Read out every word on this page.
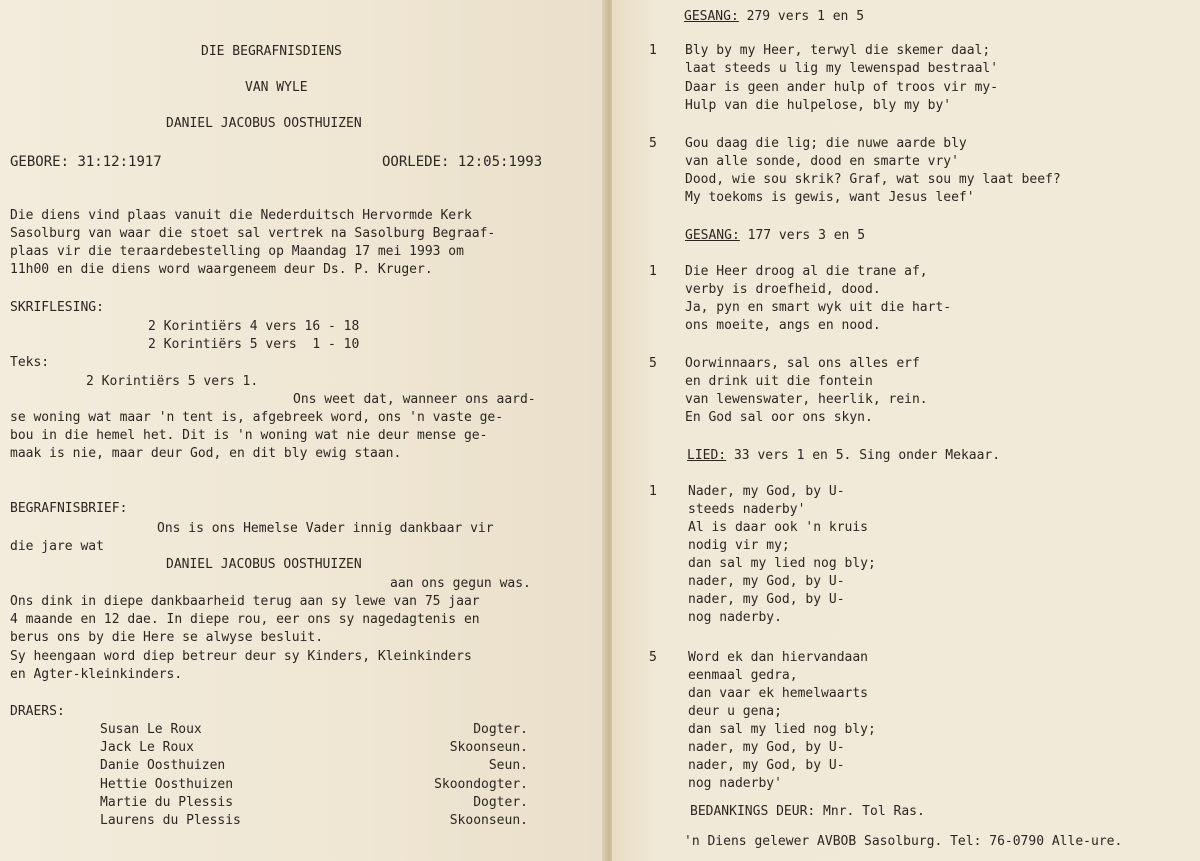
DIE BEGRAFNISDIENS
VAN WYLE
DANIEL JACOBUS OOSTHUIZEN
GEBORE: 31:12:1917	OORLEDE: 12:05:1993
Die diens vind plaas vanuit die Nederduitsch Hervormde Kerk
Sasolburg van waar die stoet sal vertrek na Sasolburg Begraaf-
plaas vir die teraardebestelling op Maandag 17 mei 1993 om
11h00 en die diens word waargeneem deur Ds. P. Kruger.
SKRIFLESING:
2 Korintiërs 4 vers 16 - 18
2 Korintiërs 5 vers  1 - 10
Teks:
2 Korintiërs 5 vers 1.
Ons weet dat, wanneer ons aard-
se woning wat maar 'n tent is, afgebreek word, ons 'n vaste ge-
bou in die hemel het. Dit is 'n woning wat nie deur mense ge-
maak is nie, maar deur God, en dit bly ewig staan.
BEGRAFNISBRIEF:
Ons is ons Hemelse Vader innig dankbaar vir
die jare wat
DANIEL JACOBUS OOSTHUIZEN
aan ons gegun was.
Ons dink in diepe dankbaarheid terug aan sy lewe van 75 jaar
4 maande en 12 dae. In diepe rou, eer ons sy nagedagtenis en
berus ons by die Here se alwyse besluit.
Sy heengaan word diep betreur deur sy Kinders, Kleinkinders
en Agter-kleinkinders.
DRAERS:
Susan Le Roux	Dogter.
Jack Le Roux	Skoonseun.
Danie Oosthuizen	Seun.
Hettie Oosthuizen	Skoondogter.
Martie du Plessis	Dogter.
Laurens du Plessis	Skoonseun.
GESANG: 279 vers 1 en 5
1 Bly by my Heer, terwyl die skemer daal;
laat steeds u lig my lewenspad bestraal'
Daar is geen ander hulp of troos vir my-
Hulp van die hulpelose, bly my by'
5 Gou daag die lig; die nuwe aarde bly
van alle sonde, dood en smarte vry'
Dood, wie sou skrik? Graf, wat sou my laat beef?
My toekoms is gewis, want Jesus leef'
GESANG: 177 vers 3 en 5
1 Die Heer droog al die trane af,
verby is droefheid, dood.
Ja, pyn en smart wyk uit die hart-
ons moeite, angs en nood.
5 Oorwinnaars, sal ons alles erf
en drink uit die fontein
van lewenswater, heerlik, rein.
En God sal oor ons skyn.
LIED: 33 vers 1 en 5. Sing onder Mekaar.
1 Nader, my God, by U-
steeds naderby'
Al is daar ook 'n kruis
nodig vir my;
dan sal my lied nog bly;
nader, my God, by U-
nader, my God, by U-
nog naderby.
5 Word ek dan hiervandaan
eenmaal gedra,
dan vaar ek hemelwaarts
deur u gena;
dan sal my lied nog bly;
nader, my God, by U-
nader, my God, by U-
nog naderby'
BEDANKINGS DEUR: Mnr. Tol Ras.
'n Diens gelewer AVBOB Sasolburg. Tel: 76-0790 Alle-ure.
